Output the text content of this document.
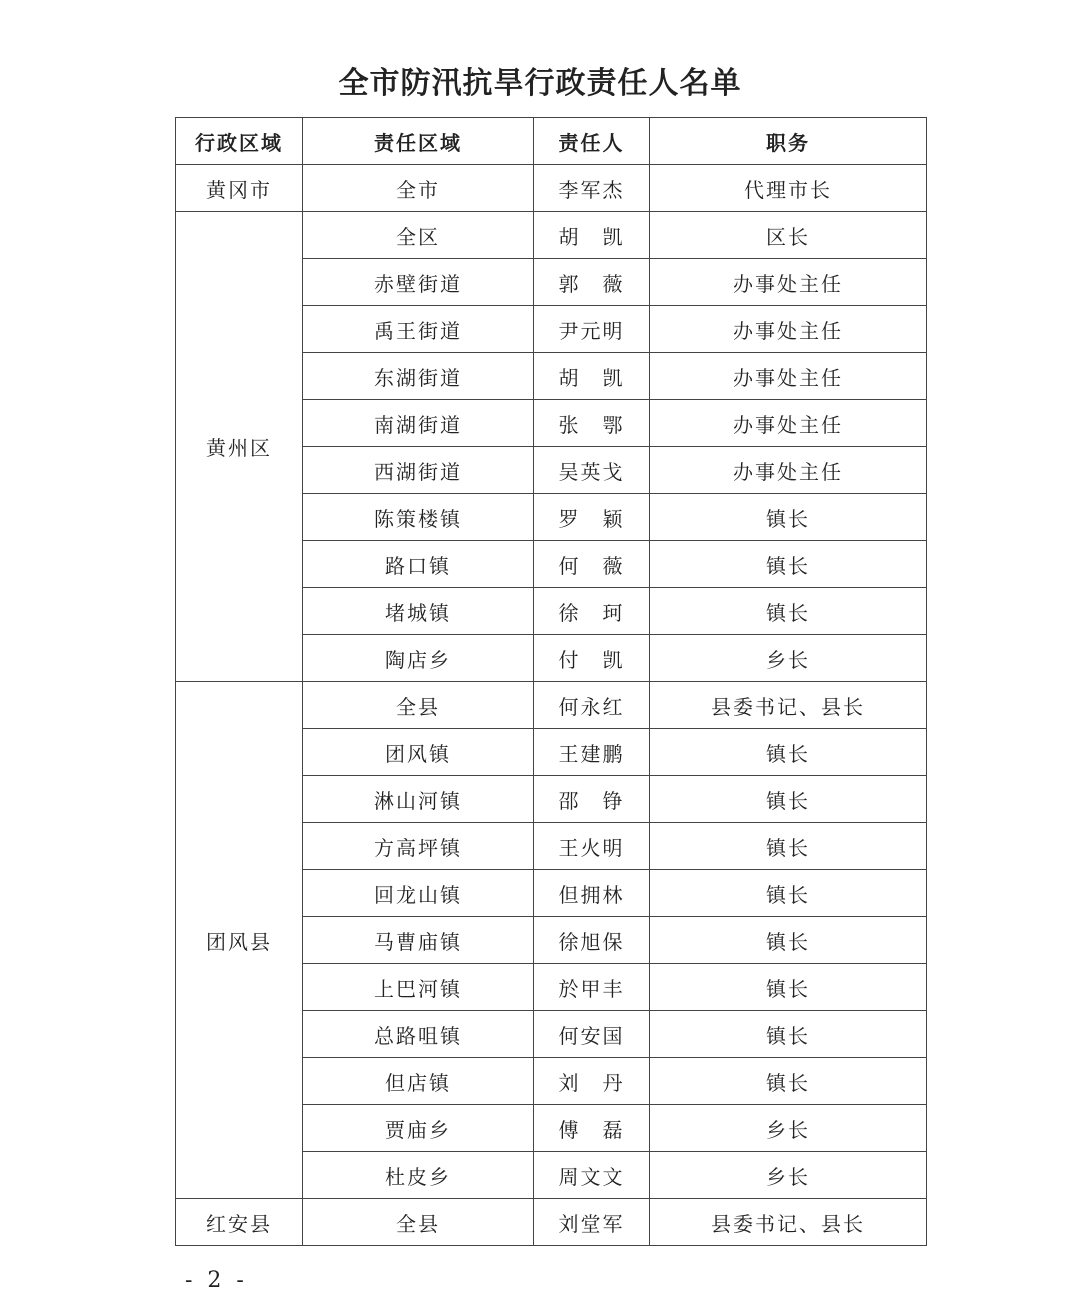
全市防汛抗旱行政责任人名单
行政区域	责任区域	责任人	职务
黄冈市	全市	李军杰	代理市长
黄州区	全区	胡　凯	区长
	赤壁街道	郭　薇	办事处主任
	禹王街道	尹元明	办事处主任
	东湖街道	胡　凯	办事处主任
	南湖街道	张　鄂	办事处主任
	西湖街道	吴英戈	办事处主任
	陈策楼镇	罗　颖	镇长
	路口镇	何　薇	镇长
	堵城镇	徐　珂	镇长
	陶店乡	付　凯	乡长
团风县	全县	何永红	县委书记、县长
	团风镇	王建鹏	镇长
	淋山河镇	邵　铮	镇长
	方高坪镇	王火明	镇长
	回龙山镇	但拥林	镇长
	马曹庙镇	徐旭保	镇长
	上巴河镇	於甲丰	镇长
	总路咀镇	何安国	镇长
	但店镇	刘　丹	镇长
	贾庙乡	傅　磊	乡长
	杜皮乡	周文文	乡长
红安县	全县	刘堂军	县委书记、县长
- 2 -
